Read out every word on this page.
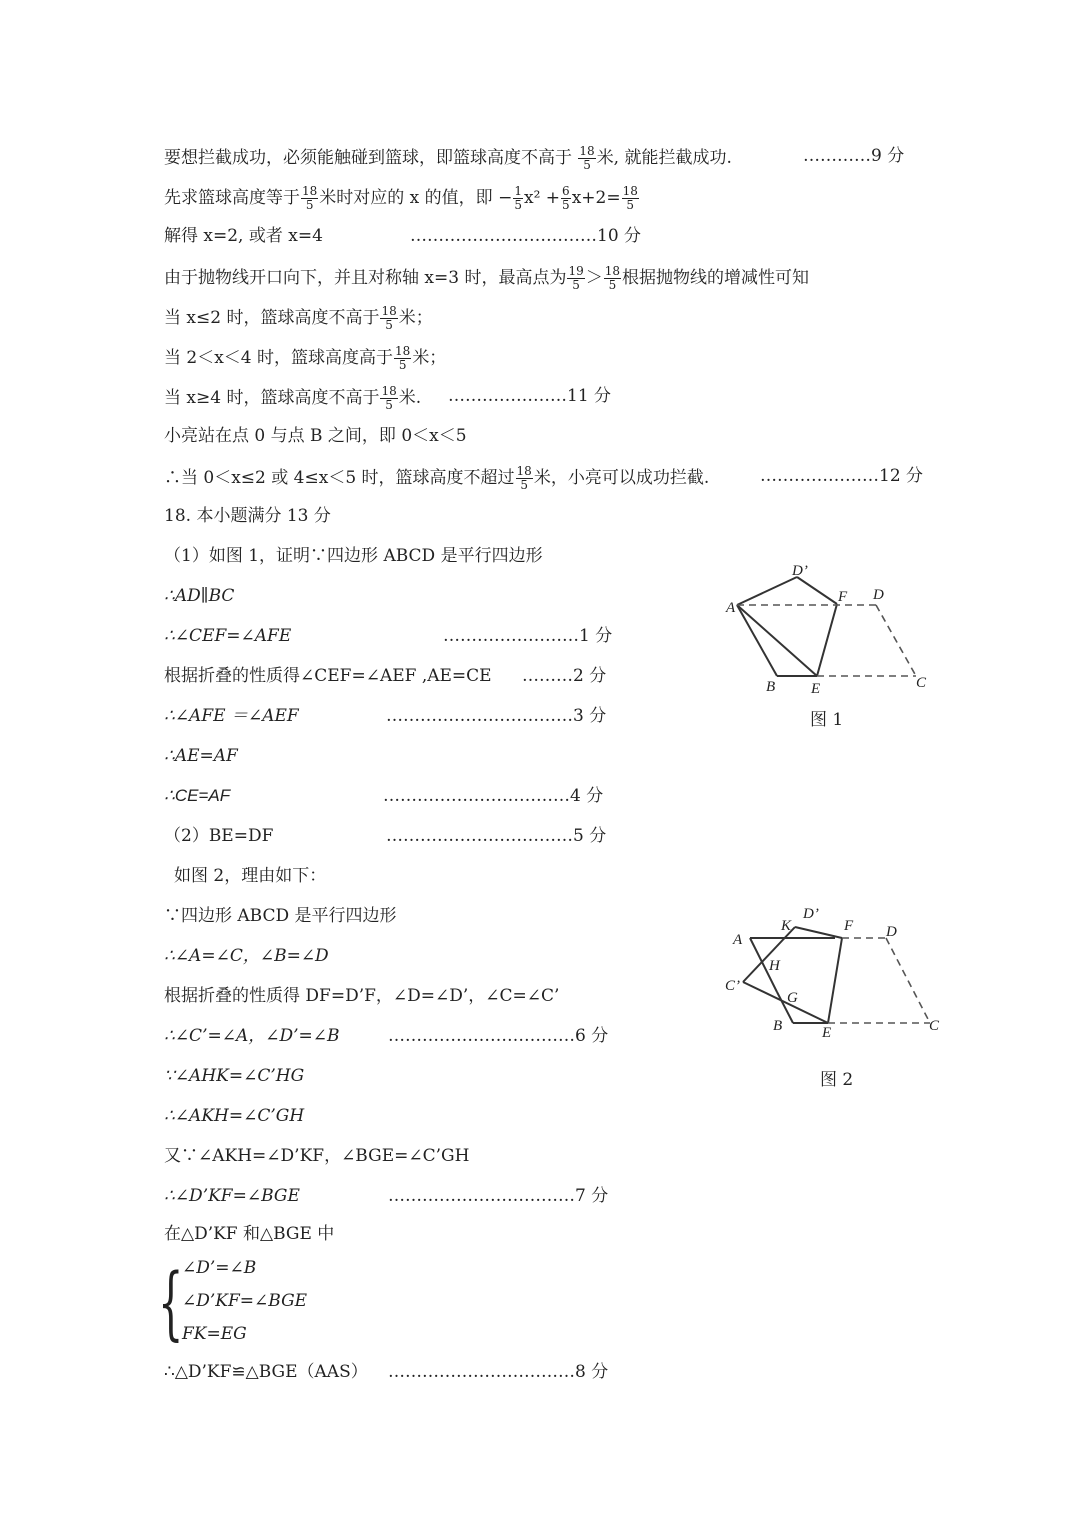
要想拦截成功，必须能触碰到篮球，即篮球高度不高于 $\frac{18}{5}$ 米, 就能拦截成功.	…………9 分
先求篮球高度等于 $\frac{18}{5}$ 米时对应的 x 的值，即 − $\frac{1}{5} x^2 + \frac{6}{5} x+2= \frac{18}{5}$
解得 x=2, 或者 x=4	……………………………10 分
由于抛物线开口向下，并且对称轴 x=3 时，最高点为 $\frac{19}{5} > \frac{18}{5}$ 根据抛物线的增减性可知
当 x≤2 时，篮球高度不高于 $\frac{18}{5}$ 米；
当 2＜x＜4 时，篮球高度高于 $\frac{18}{5}$ 米；
当 x≥4 时，篮球高度不高于 $\frac{18}{5}$ 米. …………………11 分
小亮站在点 0 与点 B 之间，即 0＜x＜5
∴当 0＜x≤2 或 4≤x＜5 时，篮球高度不超过 $\frac{18}{5}$ 米，小亮可以成功拦截.	…………………12 分
18. 本小题满分 13 分
（1）如图 1，证明∵四边形 ABCD 是平行四边形
∴AD∥BC
∴∠CEF=∠AFE	……………………1 分
根据折叠的性质得∠CEF=∠AEF ,AE=CE ………2 分
∴∠AFE ＝∠AEF	……………………………3 分
∴AE=AF
∴CE=AF	……………………………4 分
（2）BE=DF	……………………………5 分
如图 2，理由如下：
∵四边形 ABCD 是平行四边形
∴∠A=∠C，∠B=∠D
根据折叠的性质得 DF=D’F，∠D=∠D’，∠C=∠C’
∴∠C’=∠A，∠D’=∠B	……………………………6 分
∵∠AHK=∠C’HG
∴∠AKH=∠C’GH
又∵∠AKH=∠D’KF，∠BGE=∠C’GH
∴∠D’KF=∠BGE	……………………………7 分
在△D’KF 和△BGE 中
{
∠D’=∠B
∠D’KF=∠BGE
FK=EG
∴△D’KF≌△BGE（AAS） ……………………………8 分
A
D’
F D
B E	C
图 1
A
K
D’
F D
H
C’
G
B	E	C
图 2
